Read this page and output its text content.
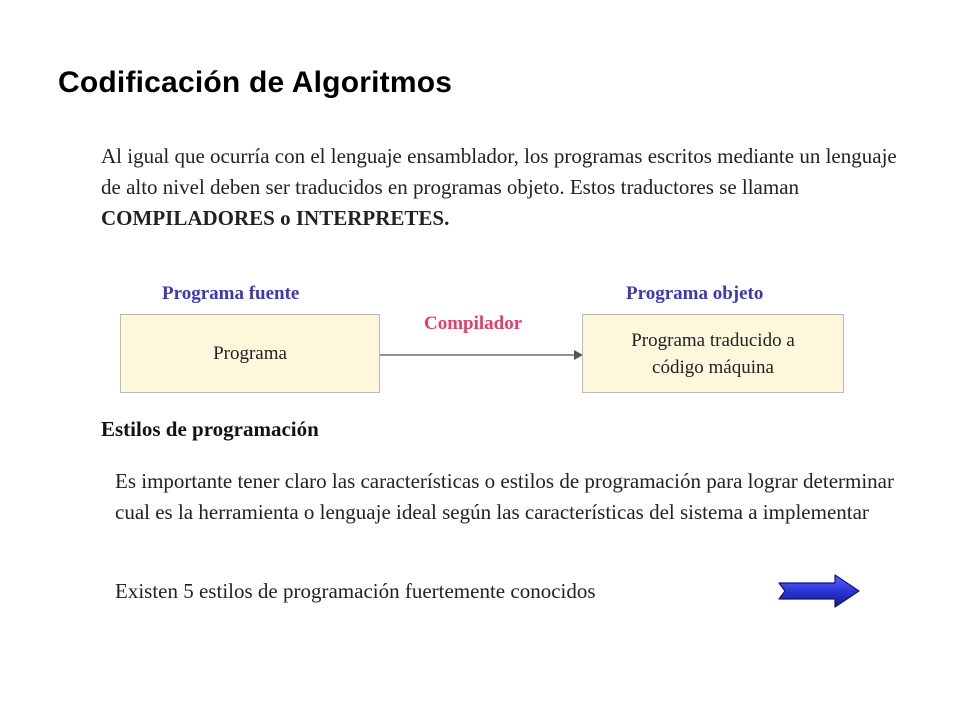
Codificación de Algoritmos

Al igual que ocurría con el lenguaje ensamblador, los programas escritos mediante un lenguaje de alto nivel deben ser traducidos en programas objeto. Estos traductores se llaman COMPILADORES o INTERPRETES.

Programa fuente	Programa objeto
Programa
Compilador
Programa traducido a
código máquina
Estilos de programación

Es importante tener claro las características o estilos de programación para lograr determinar cual es la herramienta o lenguaje ideal según las características del sistema a implementar

Existen 5 estilos de programación fuertemente conocidos
